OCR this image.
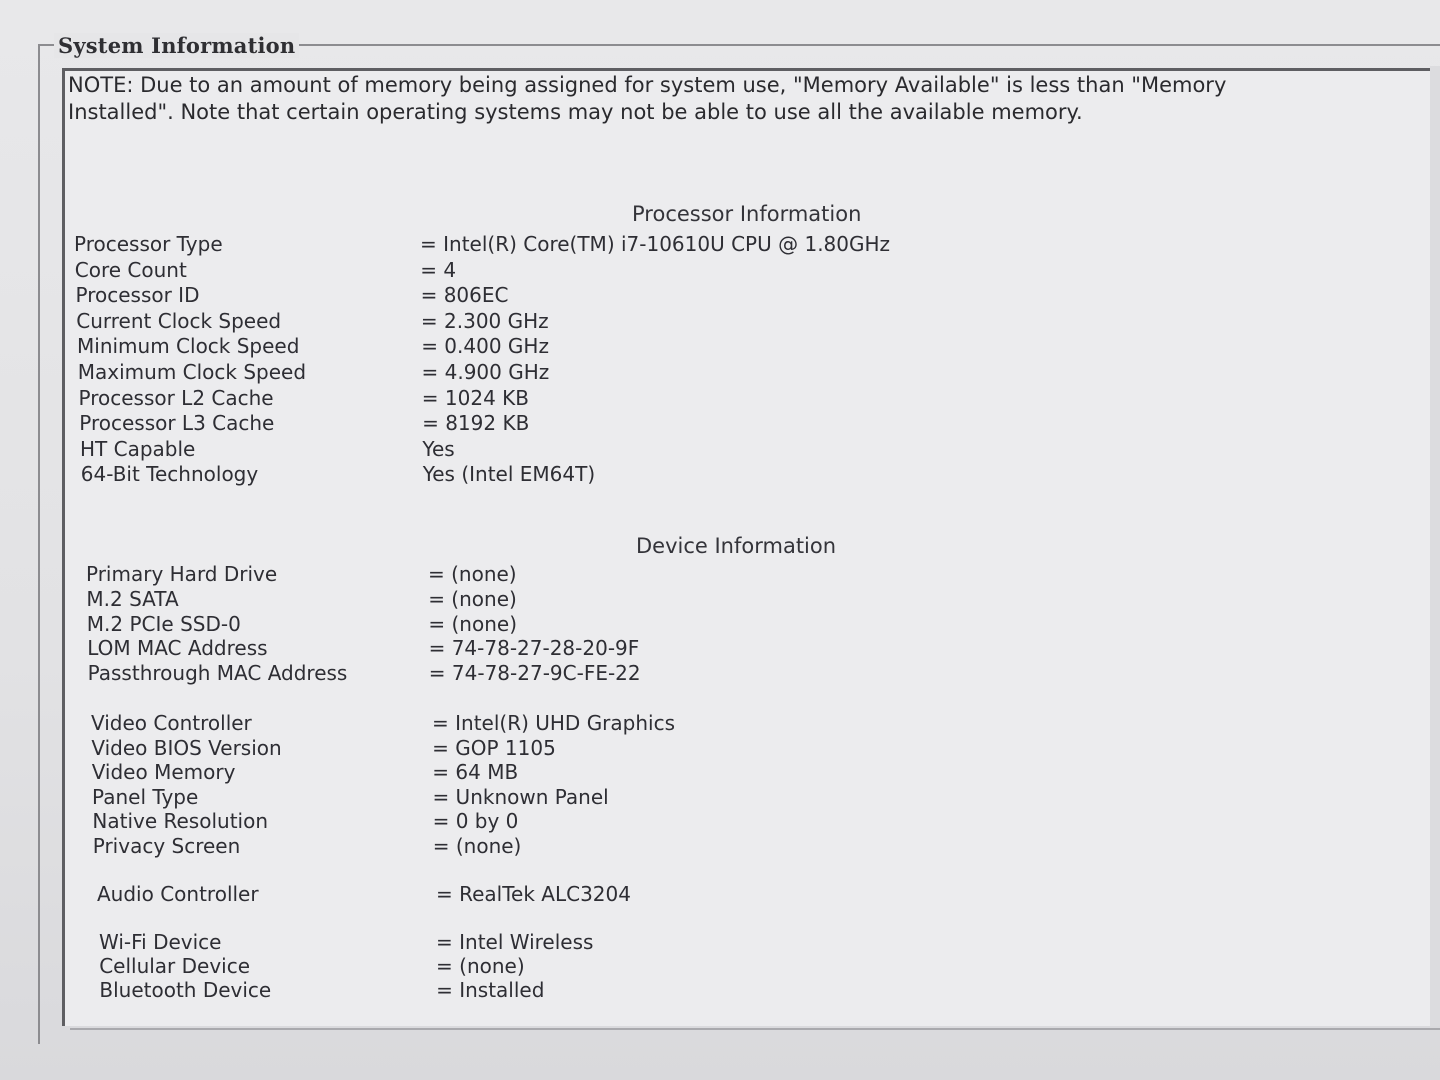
System Information
NOTE: Due to an amount of memory being assigned for system use, "Memory Available" is less than "Memory Installed". Note that certain operating systems may not be able to use all the available memory.
Processor Information
Processor Type	= Intel(R) Core(TM) i7-10610U CPU @ 1.80GHz
Core Count	= 4
Processor ID	= 806EC
Current Clock Speed	= 2.300 GHz
Minimum Clock Speed	= 0.400 GHz
Maximum Clock Speed	= 4.900 GHz
Processor L2 Cache	= 1024 KB
Processor L3 Cache	= 8192 KB
HT Capable	Yes
64-Bit Technology	Yes (Intel EM64T)
Device Information
Primary Hard Drive	= (none)
M.2 SATA	= (none)
M.2 PCIe SSD-0	= (none)
LOM MAC Address	= 74-78-27-28-20-9F
Passthrough MAC Address	= 74-78-27-9C-FE-22
Video Controller	= Intel(R) UHD Graphics
Video BIOS Version	= GOP 1105
Video Memory	= 64 MB
Panel Type	= Unknown Panel
Native Resolution	= 0 by 0
Privacy Screen	= (none)
Audio Controller	= RealTek ALC3204
Wi-Fi Device	= Intel Wireless
Cellular Device	= (none)
Bluetooth Device	= Installed
